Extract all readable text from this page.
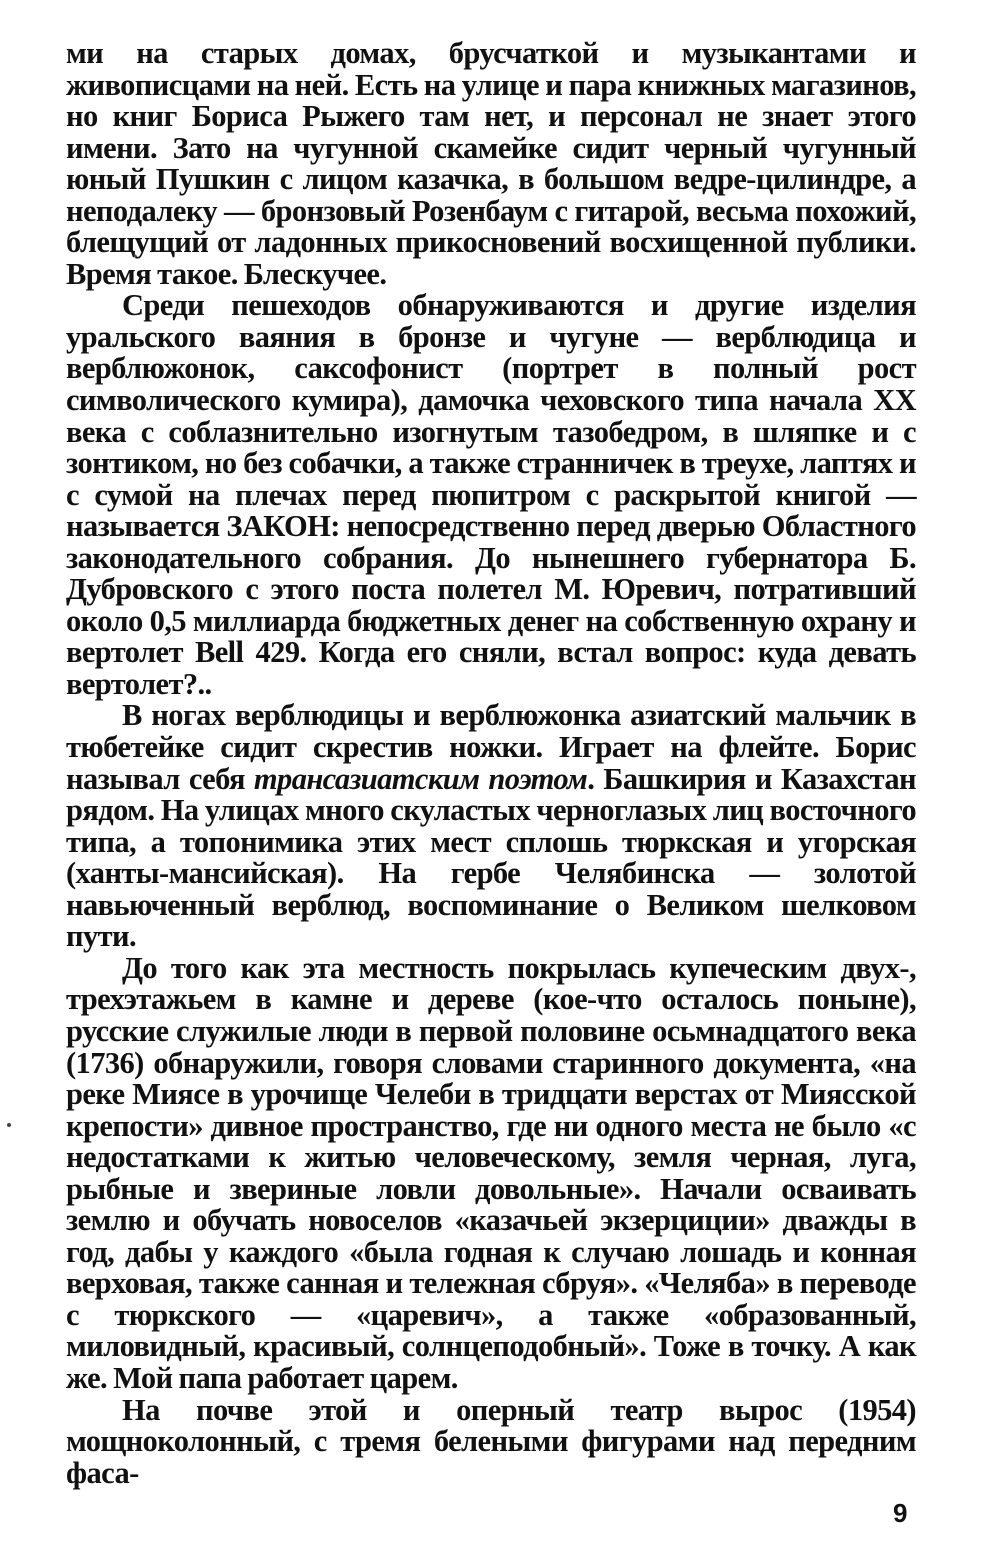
ми на старых домах, брусчаткой и музыкантами и живописцами на ней. Есть на улице и пара книжных магазинов, но книг Бориса Рыжего там нет, и персонал не знает этого имени. Зато на чугунной скамейке сидит черный чугунный юный Пушкин с лицом казачка, в большом ведре-цилиндре, а неподалеку — бронзовый Розенбаум с гитарой, весьма похожий, блещущий от ладонных прикосновений восхищенной публики. Время такое. Блескучее.

Среди пешеходов обнаруживаются и другие изделия уральского ваяния в бронзе и чугуне — верблюдица и верблюжонок, саксофонист (портрет в полный рост символического кумира), дамочка чеховского типа начала XX века с соблазнительно изогнутым тазобедром, в шляпке и с зонтиком, но без собачки, а также странничек в треухе, лаптях и с сумой на плечах перед пюпитром с раскрытой книгой — называется ЗАКОН: непосредственно перед дверью Областного законодательного собрания. До нынешнего губернатора Б. Дубровского с этого поста полетел М. Юревич, потративший около 0,5 миллиарда бюджетных денег на собственную охрану и вертолет Bell 429. Когда его сняли, встал вопрос: куда девать вертолет?..

В ногах верблюдицы и верблюжонка азиатский мальчик в тюбетейке сидит скрестив ножки. Играет на флейте. Борис называл себя трансазиатским поэтом. Башкирия и Казахстан рядом. На улицах много скуластых черноглазых лиц восточного типа, а топонимика этих мест сплошь тюркская и угорская (ханты-мансийская). На гербе Челябинска — золотой навьюченный верблюд, воспоминание о Великом шелковом пути.

До того как эта местность покрылась купеческим двух-, трехэтажьем в камне и дереве (кое-что осталось поныне), русские служилые люди в первой половине осьмнадцатого века (1736) обнаружили, говоря словами старинного документа, «на реке Миясе в урочище Челеби в тридцати верстах от Миясской крепости» дивное пространство, где ни одного места не было «с недостатками к житью человеческому, земля черная, луга, рыбные и звериные ловли довольные». Начали осваивать землю и обучать новоселов «казачьей экзерциции» дважды в год, дабы у каждого «была годная к случаю лошадь и конная верховая, также санная и тележная сбруя». «Челяба» в переводе с тюркского — «царевич», а также «образованный, миловидный, красивый, солнцеподобный». Тоже в точку. А как же. Мой папа работает царем.

На почве этой и оперный театр вырос (1954) мощноколонный, с тремя белеными фигурами над передним фаса-

9
